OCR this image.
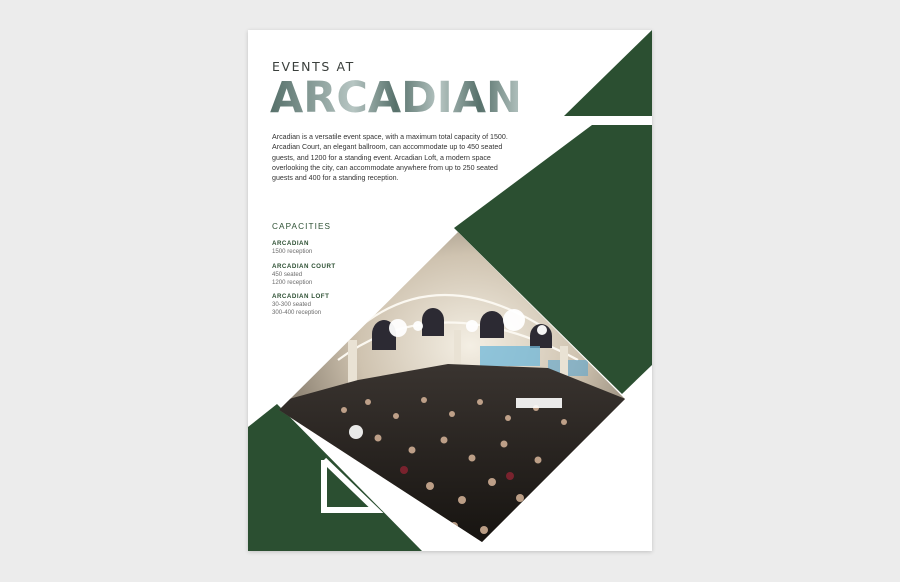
EVENTS AT
ARCADIAN

Arcadian is a versatile event space, with a maximum total capacity of 1500. Arcadian Court, an elegant ballroom, can accommodate up to 450 seated guests, and 1200 for a standing event. Arcadian Loft, a modern space overlooking the city, can accommodate anywhere from up to 250 seated guests and 400 for a standing reception.

CAPACITIES
ARCADIAN
1500 reception
ARCADIAN COURT
450 seated
1200 reception
ARCADIAN LOFT
30-300 seated
300-400 reception
